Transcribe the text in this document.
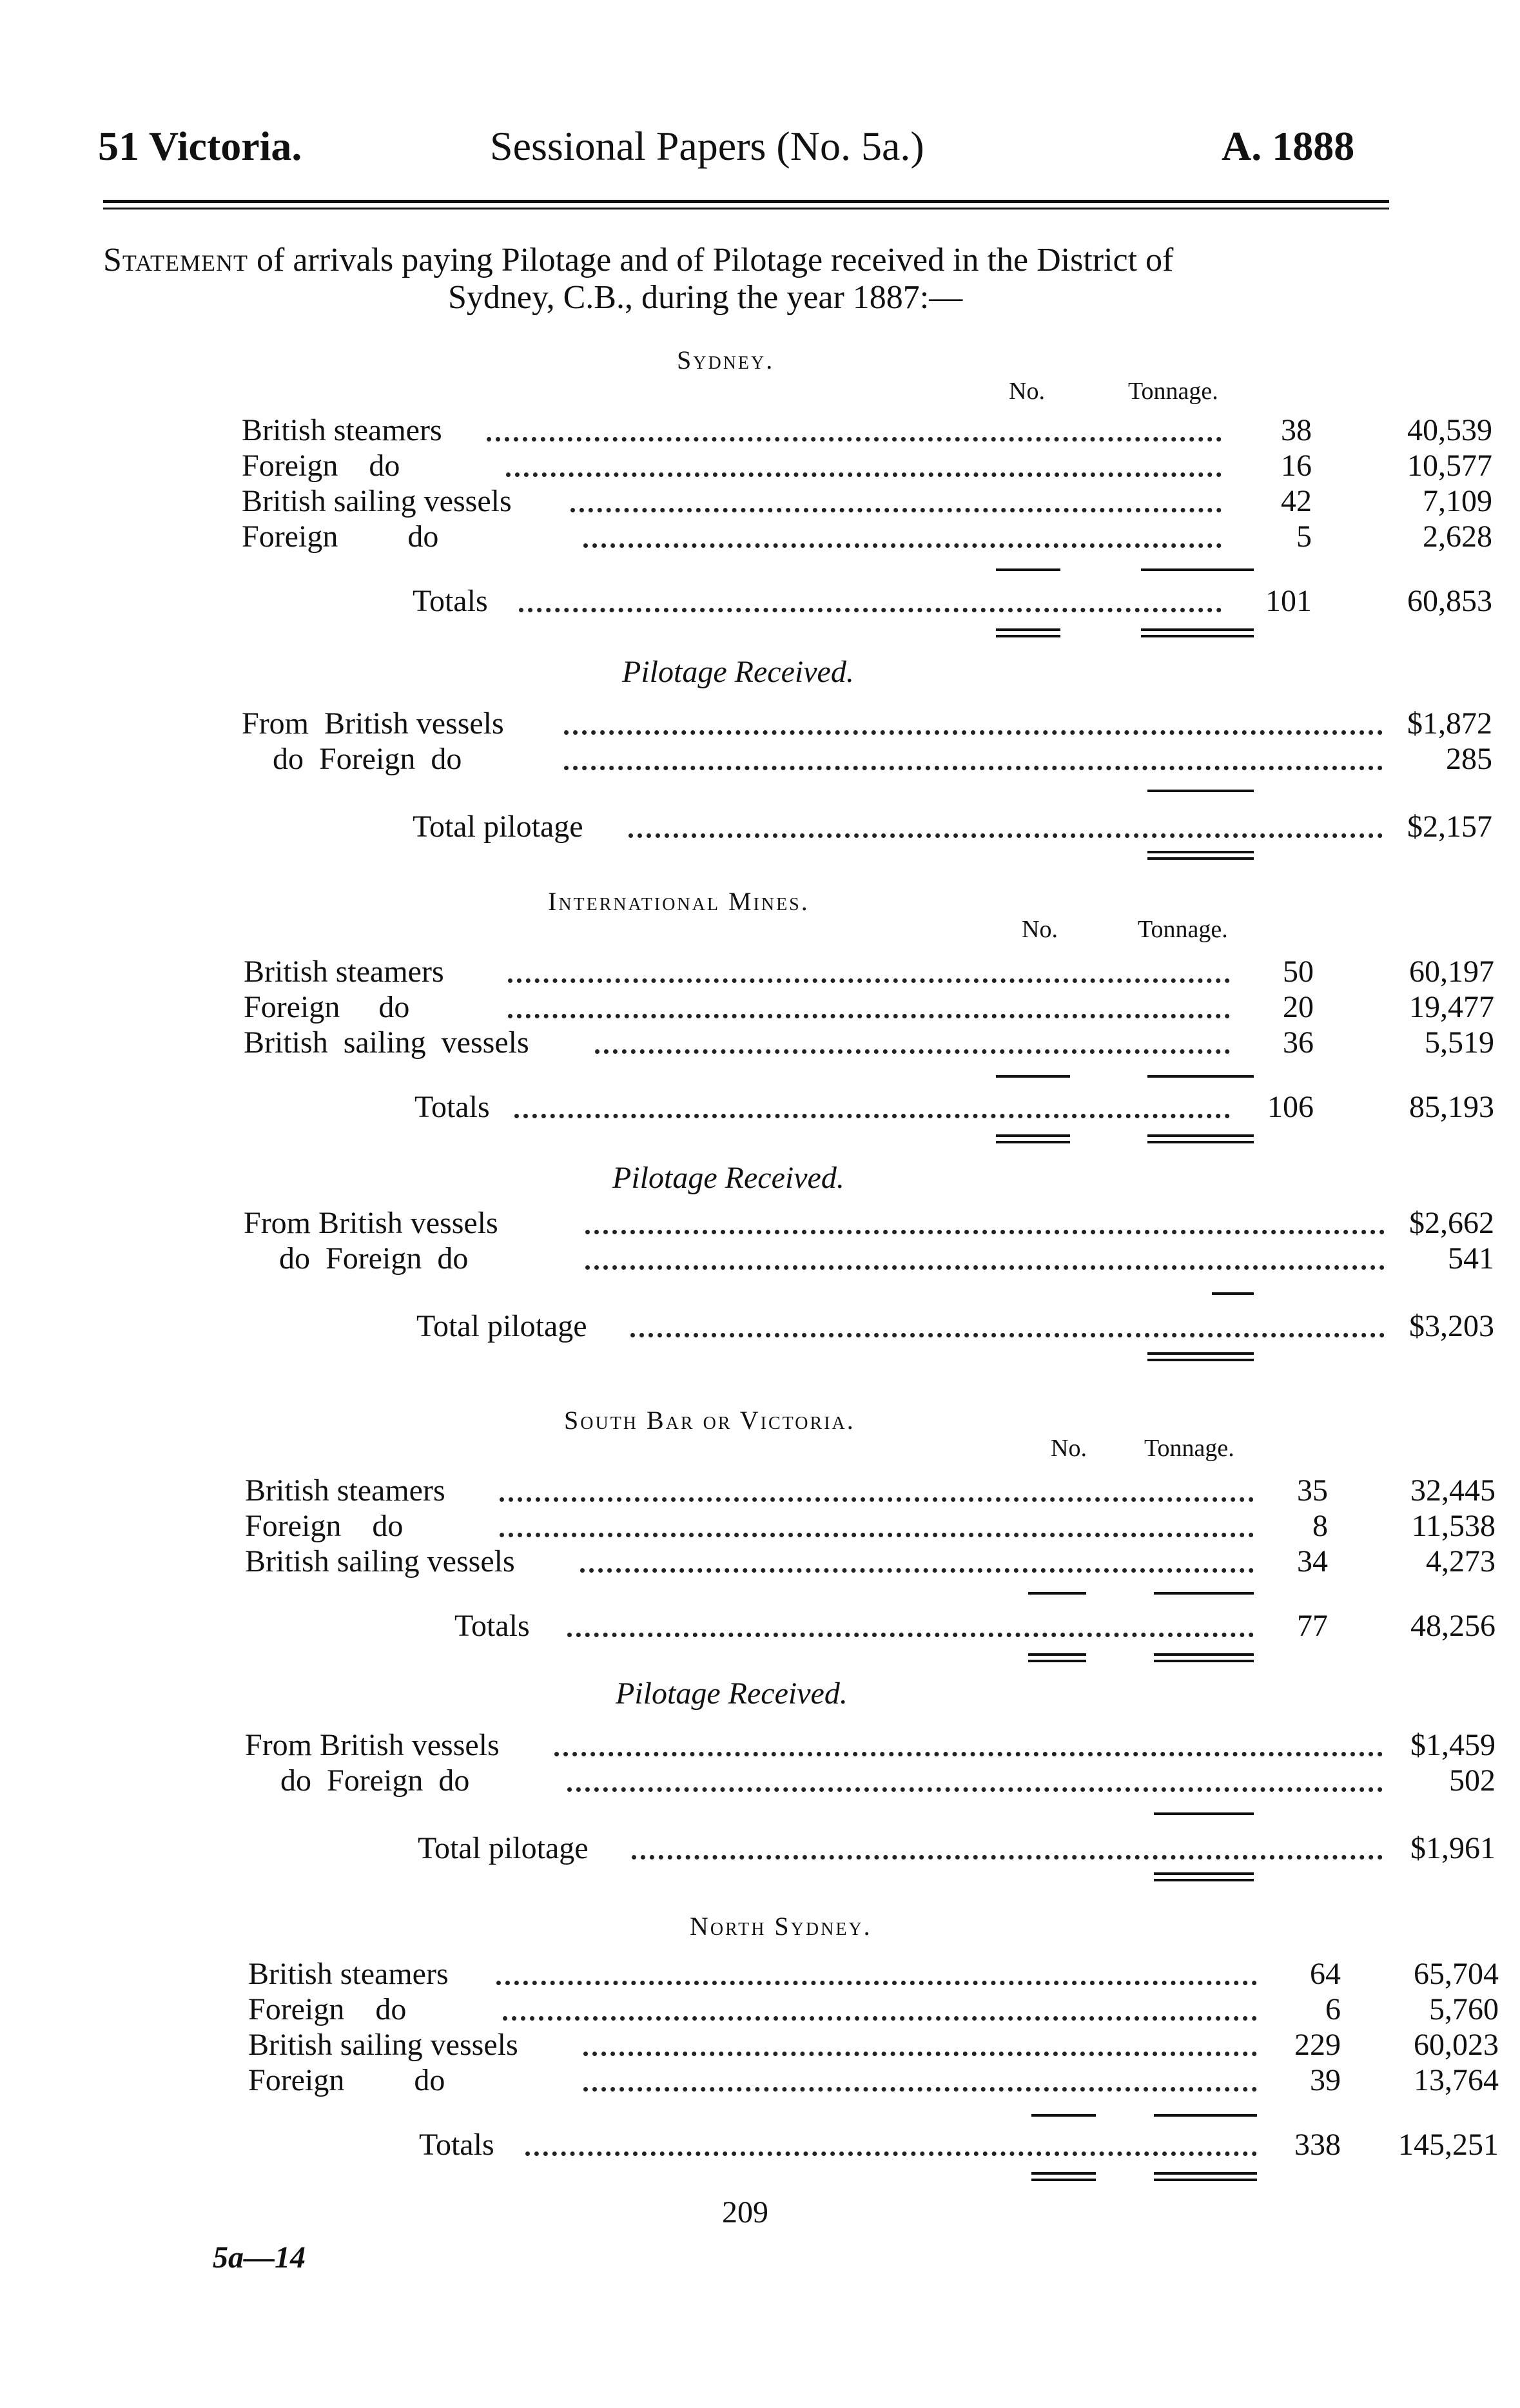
51 Victoria.	Sessional Papers (No. 5a.)	A. 1888
Statement of arrivals paying Pilotage and of Pilotage received in the District of
Sydney, C.B., during the year 1887:—
Sydney.
No.	Tonnage.
British steamers	38	40,539
Foreign    do	16	10,577
British sailing vessels	42	7,109
Foreign         do	5	2,628
Totals	101	60,853
Pilotage Received.
From  British vessels	$1,872
do  Foreign  do	285
Total pilotage	$2,157
International Mines.
No.	Tonnage.
British steamers	50	60,197
Foreign     do	20	19,477
British  sailing  vessels	36	5,519
Totals	106	85,193
Pilotage Received.
From British vessels	$2,662
do  Foreign  do	541
Total pilotage	$3,203
South Bar or Victoria.
No. Tonnage.
British steamers	35	32,445
Foreign    do	8	11,538
British sailing vessels	34	4,273
Totals	77	48,256
Pilotage Received.
From British vessels	$1,459
do  Foreign  do	502
Total pilotage	$1,961
North Sydney.
British steamers	64	65,704
Foreign    do	6	5,760
British sailing vessels	229	60,023
Foreign         do	39	13,764
Totals	338	145,251
209
5a—14
